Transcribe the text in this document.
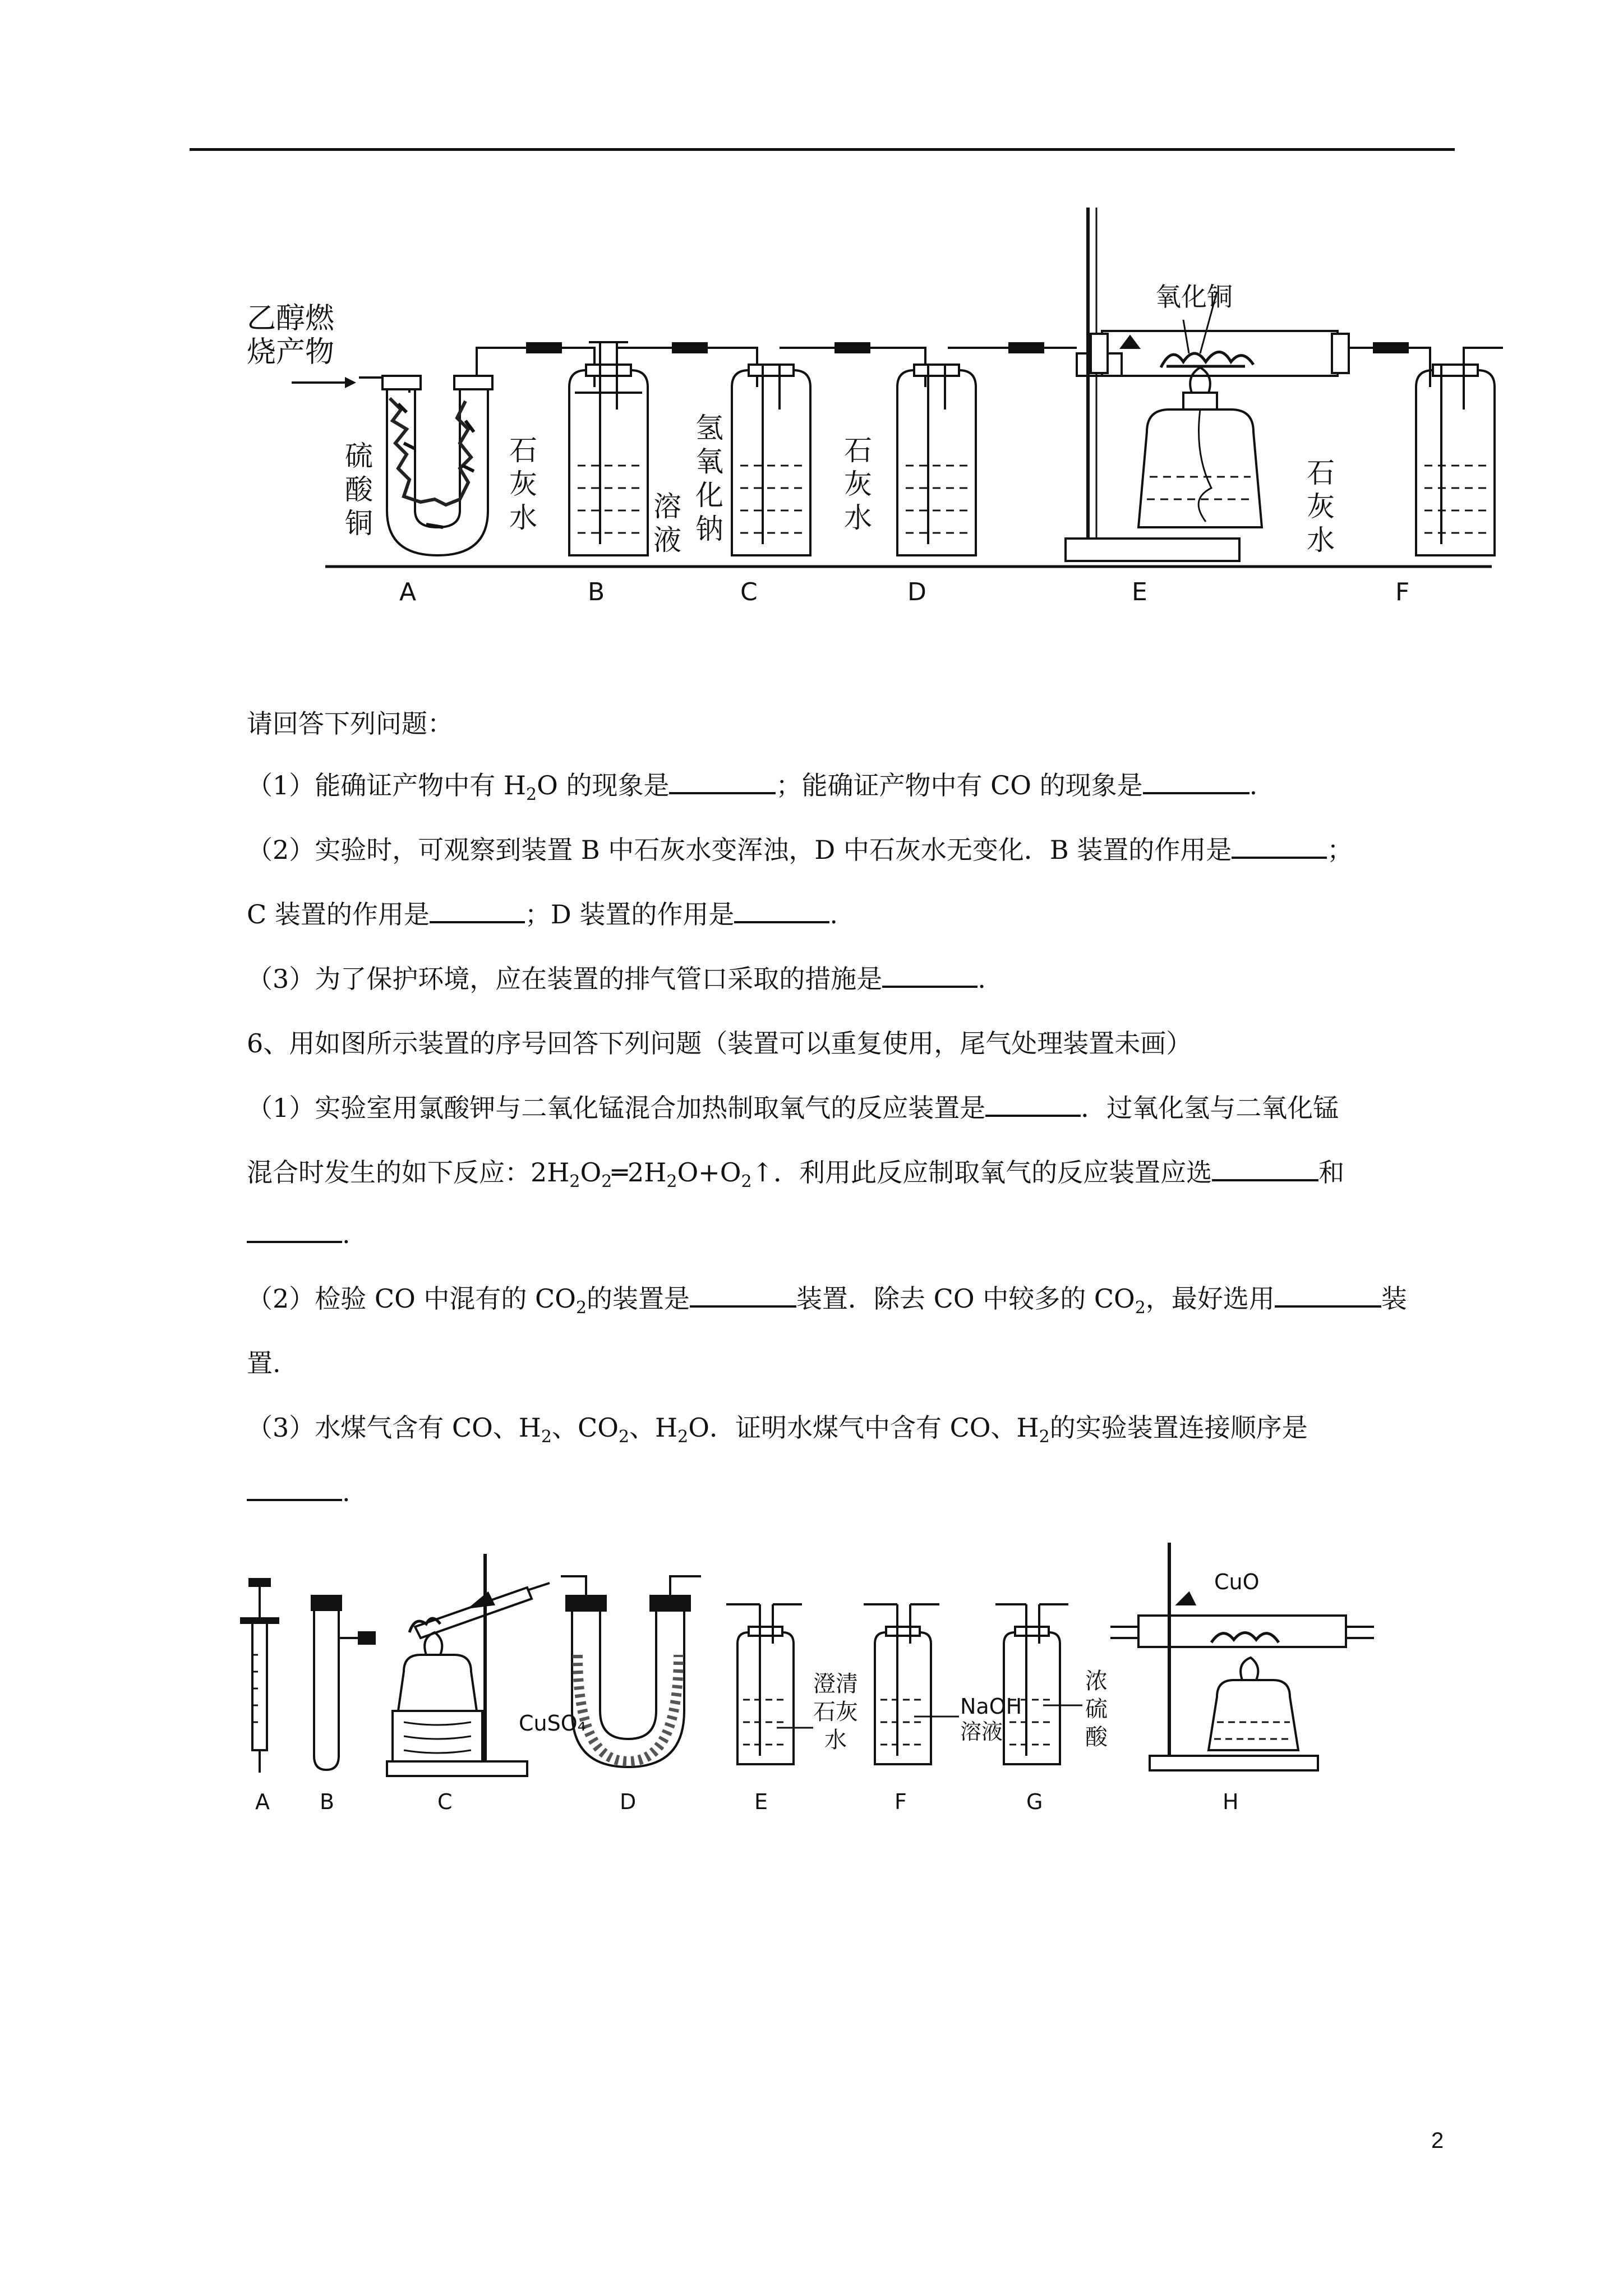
乙醇燃
烧产物
硫
酸
铜
石
灰
水	溶
液
氢
氧
化
钠
石
灰
水
氧化铜
石
灰
水
A	B	C	D	E	F
请回答下列问题：
（1）能确证产物中有 $H_2O$ 的现象是	；能确证产物中有 CO 的现象是	.
（2）实验时，可观察到装置 B 中石灰水变浑浊，D 中石灰水无变化．B 装置的作用是	；
C 装置的作用是	；D 装置的作用是	.
（3）为了保护环境，应在装置的排气管口采取的措施是	.
6、用如图所示装置的序号回答下列问题（装置可以重复使用，尾气处理装置未画）
（1）实验室用氯酸钾与二氧化锰混合加热制取氧气的反应装置是	．过氧化氢与二氧化锰
混合时发生的如下反应：$2H_2O_2═2H_2O+O_2↑$．利用此反应制取氧气的反应装置应选	和
.
（2）检验 CO 中混有的 $CO_2$的装置是	装置．除去 CO 中较多的 $CO_2$，最好选用	装
置.
（3）水煤气含有 CO、$H_2$、$CO_2$、$H_2O$．证明水煤气中含有 CO、$H_2$的实验装置连接顺序是
.
CuSO₄
CuO
澄清
石灰
水
NaOH
溶液
浓
硫
酸
A B	C	D	E	F	G	H
2
